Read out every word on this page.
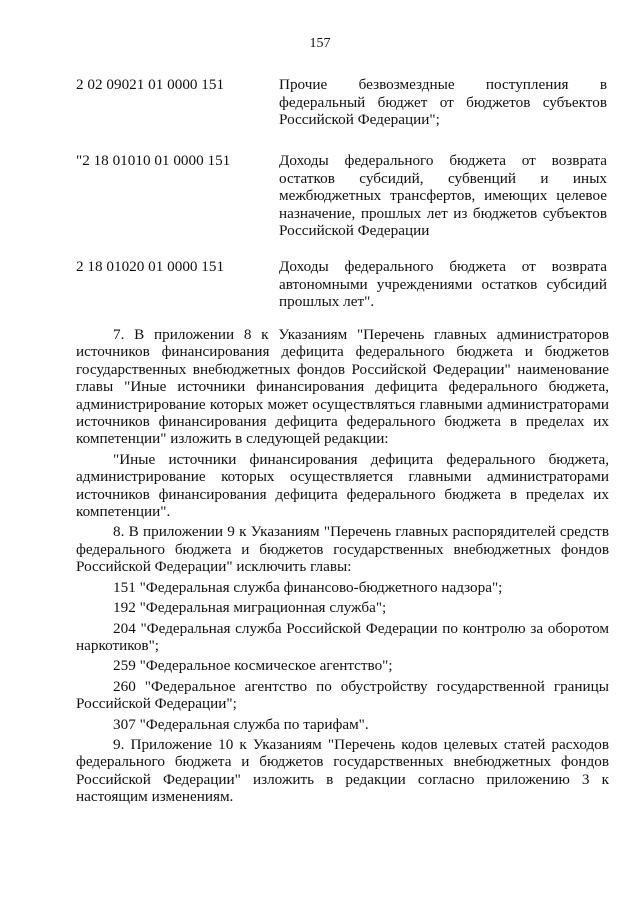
157
2 02 09021 01 0000 151	Прочие безвозмездные поступления в федеральный бюджет от бюджетов субъектов Российской Федерации";
"2 18 01010 01 0000 151	Доходы федерального бюджета от возврата остатков субсидий, субвенций и иных межбюджетных трансфертов, имеющих целевое назначение, прошлых лет из бюджетов субъектов Российской Федерации
2 18 01020 01 0000 151	Доходы федерального бюджета от возврата автономными учреждениями остатков субсидий прошлых лет".

7. В приложении 8 к Указаниям "Перечень главных администраторов источников финансирования дефицита федерального бюджета и бюджетов государственных внебюджетных фондов Российской Федерации" наименование главы "Иные источники финансирования дефицита федерального бюджета, администрирование которых может осуществляться главными администраторами источников финансирования дефицита федерального бюджета в пределах их компетенции" изложить в следующей редакции:

"Иные источники финансирования дефицита федерального бюджета, администрирование которых осуществляется главными администраторами источников финансирования дефицита федерального бюджета в пределах их компетенции".

8. В приложении 9 к Указаниям "Перечень главных распорядителей средств федерального бюджета и бюджетов государственных внебюджетных фондов Российской Федерации" исключить главы:

151 "Федеральная служба финансово-бюджетного надзора";

192 "Федеральная миграционная служба";

204 "Федеральная служба Российской Федерации по контролю за оборотом наркотиков";

259 "Федеральное космическое агентство";

260 "Федеральное агентство по обустройству государственной границы Российской Федерации";

307 "Федеральная служба по тарифам".

9. Приложение 10 к Указаниям "Перечень кодов целевых статей расходов федерального бюджета и бюджетов государственных внебюджетных фондов Российской Федерации" изложить в редакции согласно приложению 3 к настоящим изменениям.
